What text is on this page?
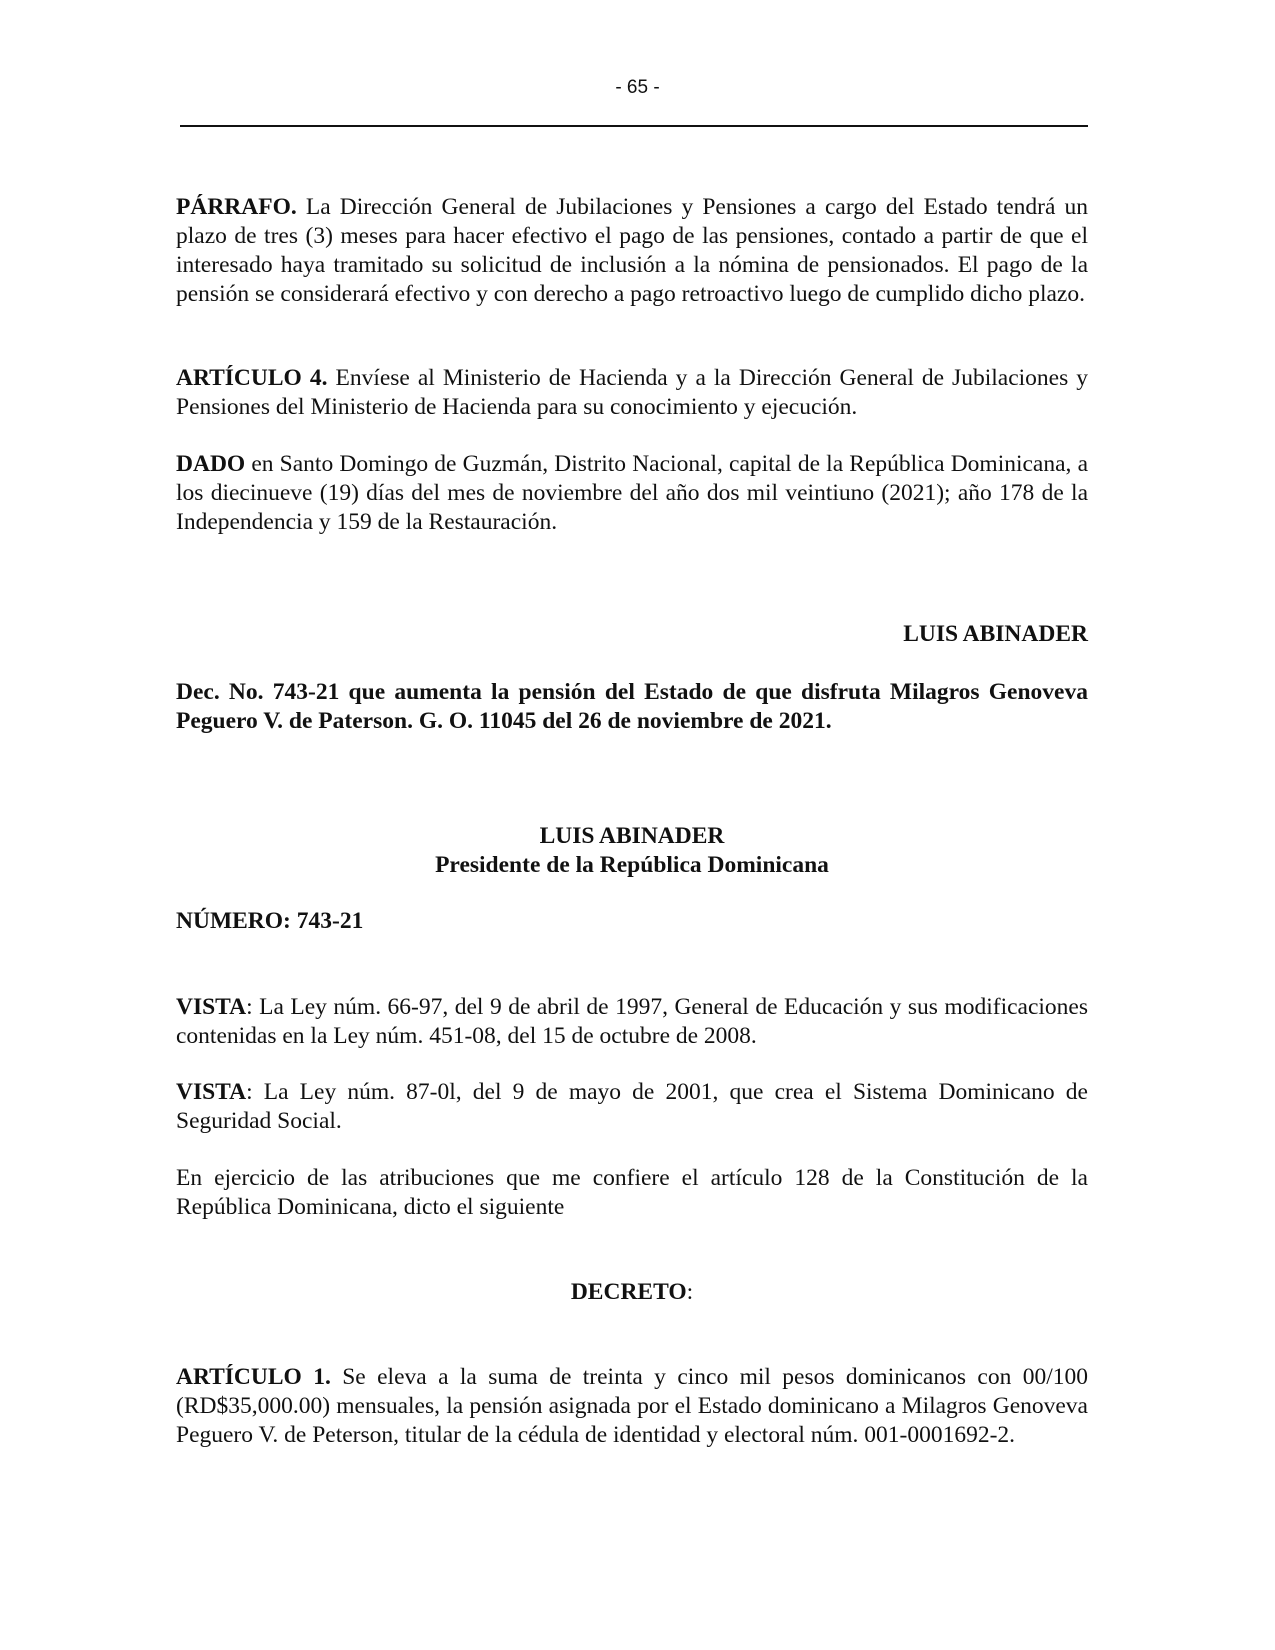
- 65 -

PÁRRAFO. La Dirección General de Jubilaciones y Pensiones a cargo del Estado tendrá un plazo de tres (3) meses para hacer efectivo el pago de las pensiones, contado a partir de que el interesado haya tramitado su solicitud de inclusión a la nómina de pensionados. El pago de la pensión se considerará efectivo y con derecho a pago retroactivo luego de cumplido dicho plazo.

ARTÍCULO 4. Envíese al Ministerio de Hacienda y a la Dirección General de Jubilaciones y Pensiones del Ministerio de Hacienda para su conocimiento y ejecución.

DADO en Santo Domingo de Guzmán, Distrito Nacional, capital de la República Dominicana, a los diecinueve (19) días del mes de noviembre del año dos mil veintiuno (2021); año 178 de la Independencia y 159 de la Restauración.

LUIS ABINADER

Dec. No. 743-21 que aumenta la pensión del Estado de que disfruta Milagros Genoveva Peguero V. de Paterson. G. O. 11045 del 26 de noviembre de 2021.

LUIS ABINADER
Presidente de la República Dominicana
NÚMERO: 743-21

VISTA: La Ley núm. 66-97, del 9 de abril de 1997, General de Educación y sus modificaciones contenidas en la Ley núm. 451-08, del 15 de octubre de 2008.

VISTA: La Ley núm. 87-0l, del 9 de mayo de 2001, que crea el Sistema Dominicano de Seguridad Social.

En ejercicio de las atribuciones que me confiere el artículo 128 de la Constitución de la República Dominicana, dicto el siguiente

DECRETO:

ARTÍCULO 1. Se eleva a la suma de treinta y cinco mil pesos dominicanos con 00/100 (RD$35,000.00) mensuales, la pensión asignada por el Estado dominicano a Milagros Genoveva Peguero V. de Peterson, titular de la cédula de identidad y electoral núm. 001-0001692-2.
